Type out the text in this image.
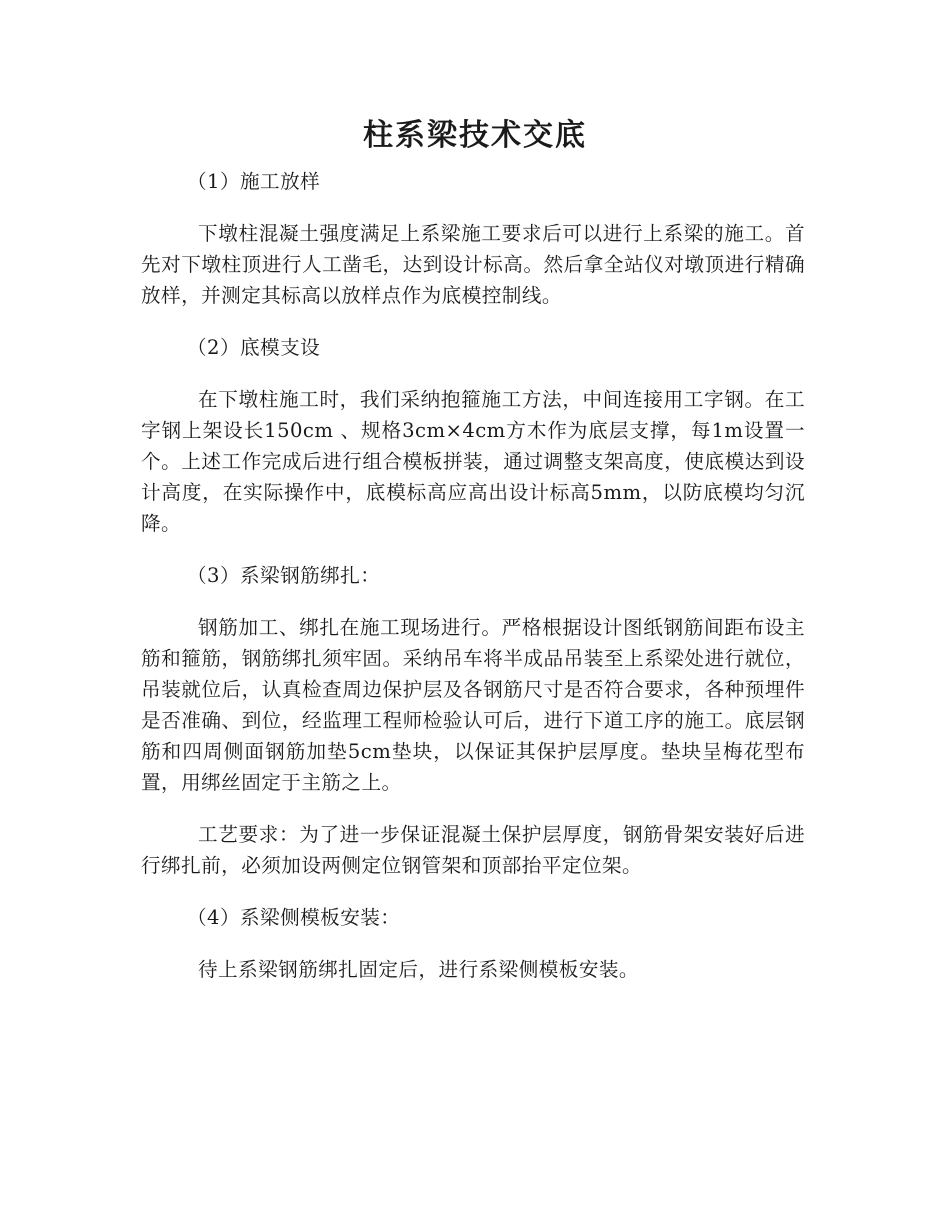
柱系梁技术交底

（1）施工放样

下墩柱混凝土强度满足上系梁施工要求后可以进行上系梁的施工。首先对下墩柱顶进行人工凿毛，达到设计标高。然后拿全站仪对墩顶进行精确放样，并测定其标高以放样点作为底模控制线。

（2）底模支设

在下墩柱施工时，我们采纳抱箍施工方法，中间连接用工字钢。在工字钢上架设长150cm 、规格3cm×4cm方木作为底层支撑，每1m设置一个。上述工作完成后进行组合模板拼装，通过调整支架高度，使底模达到设计高度，在实际操作中，底模标高应高出设计标高5mm，以防底模均匀沉降。

（3）系梁钢筋绑扎：

钢筋加工、绑扎在施工现场进行。严格根据设计图纸钢筋间距布设主筋和箍筋，钢筋绑扎须牢固。采纳吊车将半成品吊装至上系梁处进行就位，吊装就位后，认真检查周边保护层及各钢筋尺寸是否符合要求，各种预埋件是否准确、到位，经监理工程师检验认可后，进行下道工序的施工。底层钢筋和四周侧面钢筋加垫5cm垫块，以保证其保护层厚度。垫块呈梅花型布置，用绑丝固定于主筋之上。

工艺要求：为了进一步保证混凝土保护层厚度，钢筋骨架安装好后进行绑扎前，必须加设两侧定位钢管架和顶部抬平定位架。

（4）系梁侧模板安装：

待上系梁钢筋绑扎固定后，进行系梁侧模板安装。
